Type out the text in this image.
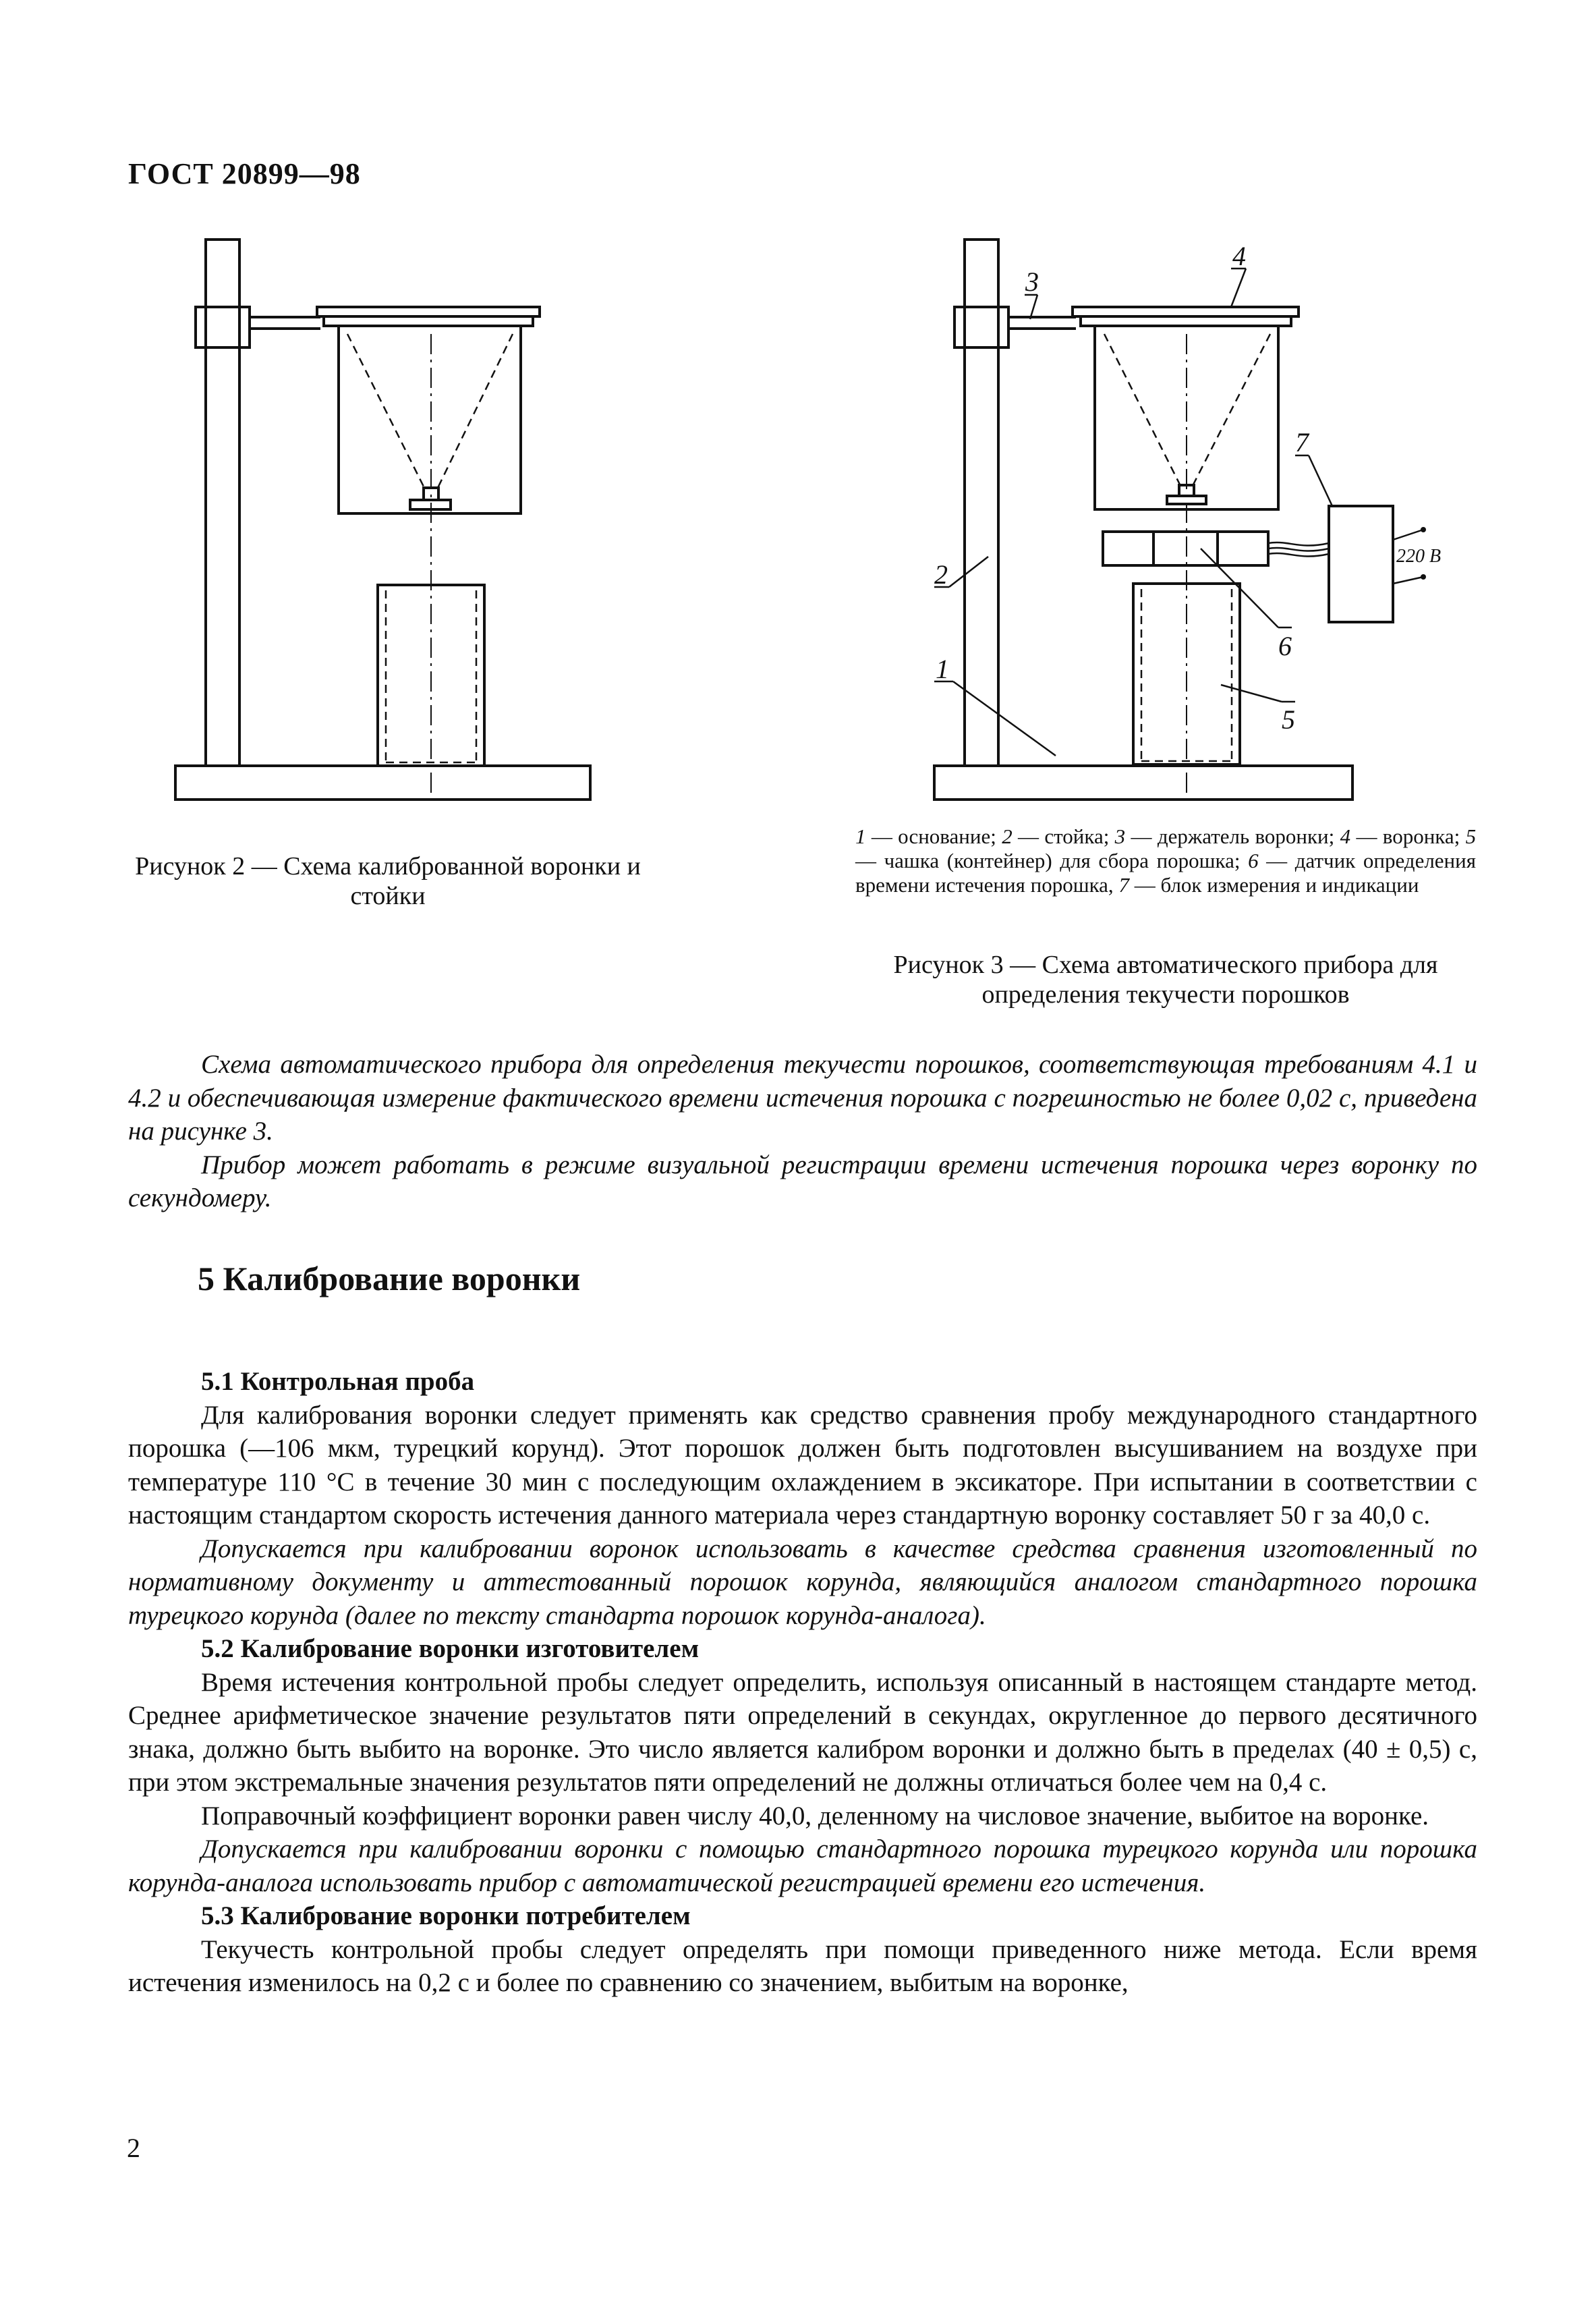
ГОСТ 20899—98
3
4
7
2
1
6
5
220 В
Рисунок 2 — Схема калиброванной воронки и стойки
1 — основание; 2 — стойка; 3 — держатель воронки; 4 — воронка; 5 — чашка (контейнер) для сбора порошка; 6 — датчик определения времени истечения порошка, 7 — блок измерения и индикации
Рисунок 3 — Схема автоматического прибора для определения текучести порошков

Схема автоматического прибора для определения текучести порошков, соответствующая требованиям 4.1 и 4.2 и обеспечивающая измерение фактического времени истечения порошка с погрешностью не более 0,02 с, приведена на рисунке 3.

Прибор может работать в режиме визуальной регистрации времени истечения порошка через воронку по секундомеру.

5 Калибрование воронки

5.1 Контрольная проба

Для калибрования воронки следует применять как средство сравнения пробу международного стандартного порошка (—106 мкм, турецкий корунд). Этот порошок должен быть подготовлен высушиванием на воздухе при температуре 110 °С в течение 30 мин с последующим охлаждением в эксикаторе. При испытании в соответствии с настоящим стандартом скорость истечения данного материала через стандартную воронку составляет 50 г за 40,0 с.

Допускается при калибровании воронок использовать в качестве средства сравнения изготовленный по нормативному документу и аттестованный порошок корунда, являющийся аналогом стандартного порошка турецкого корунда (далее по тексту стандарта порошок корунда-аналога).

5.2 Калибрование воронки изготовителем

Время истечения контрольной пробы следует определить, используя описанный в настоящем стандарте метод. Среднее арифметическое значение результатов пяти определений в секундах, округленное до первого десятичного знака, должно быть выбито на воронке. Это число является калибром воронки и должно быть в пределах (40 ± 0,5) с, при этом экстремальные значения результатов пяти определений не должны отличаться более чем на 0,4 с.

Поправочный коэффициент воронки равен числу 40,0, деленному на числовое значение, выбитое на воронке.

Допускается при калибровании воронки с помощью стандартного порошка турецкого корунда или порошка корунда-аналога использовать прибор с автоматической регистрацией времени его истечения.

5.3 Калибрование воронки потребителем

Текучесть контрольной пробы следует определять при помощи приведенного ниже метода. Если время истечения изменилось на 0,2 с и более по сравнению со значением, выбитым на воронке,

2
